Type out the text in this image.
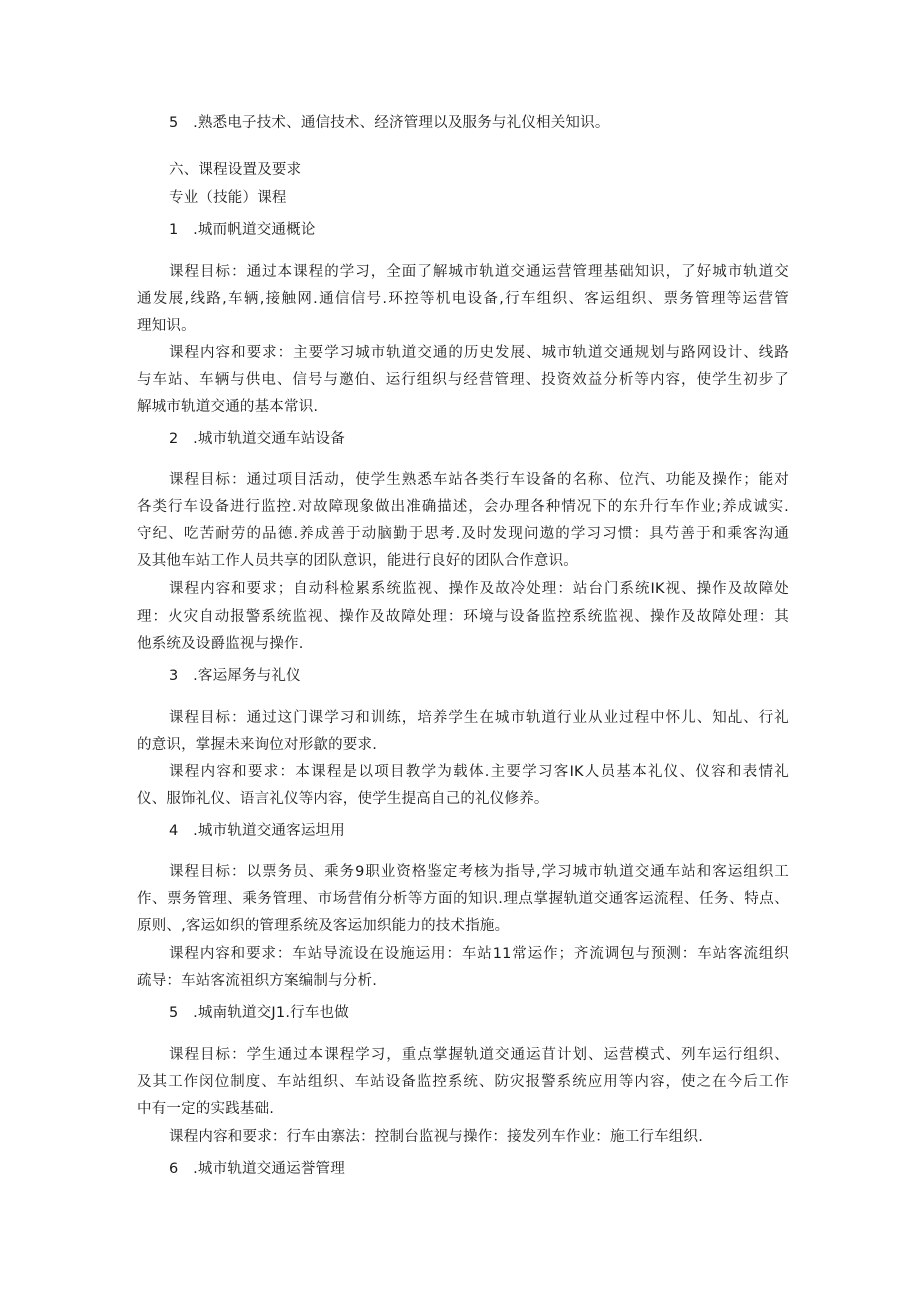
5　.熟悉电子技术、通信技术、经济管理以及服务与礼仪相关知识。
六、课程设置及要求
专业（技能）课程
1　.城而帆道交通概论
课程目标：通过本课程的学习，全面了解城市轨道交通运营管理基础知识，了好城市轨道交
通发展,线路,车辆,接触网.通信信号.环控等机电设备,行车组织、客运组织、票务管理等运营管
理知识。
课程内容和要求：主要学习城市轨道交通的历史发展、城市轨道交通规划与路网设计、线路
与车站、车辆与供电、信号与邀伯、运行组织与经营管理、投资效益分析等内容，使学生初步了
解城市轨道交通的基本常识.
2　.城市轨道交通车站设备
课程目标：通过项目活动，使学生熟悉车站各类行车设备的名称、位汽、功能及操作；能对
各类行车设备进行监控.对故障现象做出准确描述，会办理各种情况下的东升行车作业;养成诚实.
守纪、吃苦耐劳的品德.养成善于动脑勤于思考.及时发现问遨的学习习惯：具芍善于和乘客沟通
及其他车站工作人员共享的团队意识，能进行良好的团队合作意识。
课程内容和要求；自动科检累系统监视、操作及故冷处理：站台门系统IK视、操作及故障处
理：火灾自动报警系统监视、操作及故障处理：环境与设备监控系统监视、操作及故障处理：其
他系统及设爵监视与操作.
3　.客运犀务与礼仪
课程目标：通过这门课学习和训练，培养学生在城市轨道行业从业过程中怀儿、知乩、行礼
的意识，掌握未来询位对形歙的要求.
课程内容和要求：本课程是以项目教学为载体.主要学习客IK人员基本礼仪、仪容和表情礼
仪、服饰礼仪、语言礼仪等内容，使学生提高自己的礼仪修养。
4　.城市轨道交通客运坦用
课程目标：以票务员、乘务9职业资格鉴定考核为指导,学习城市轨道交通车站和客运组织工
作、票务管理、乘务管理、市场营侑分析等方面的知识.理点掌握轨道交通客运流程、任务、特点、
原则、,客运如织的管理系统及客运加织能力的技术指施。
课程内容和要求：车站导流设在设施运用：车站11常运作；齐流调包与预测：车站客流组织
疏导：车站客流祖织方案编制与分析.
5　.城南轨道交J1.行车也做
课程目标：学生通过本课程学习，重点掌握轨道交通运苜计划、运营模式、列车运行组织、
及其工作闵位制度、车站组织、车站设备监控系统、防灾报警系统应用等内容，使之在今后工作
中有一定的实践基础.
课程内容和要求：行车由寨法：控制台监视与操作：接发列车作业：施工行车组织.
6　.城市轨道交通运誉管理
